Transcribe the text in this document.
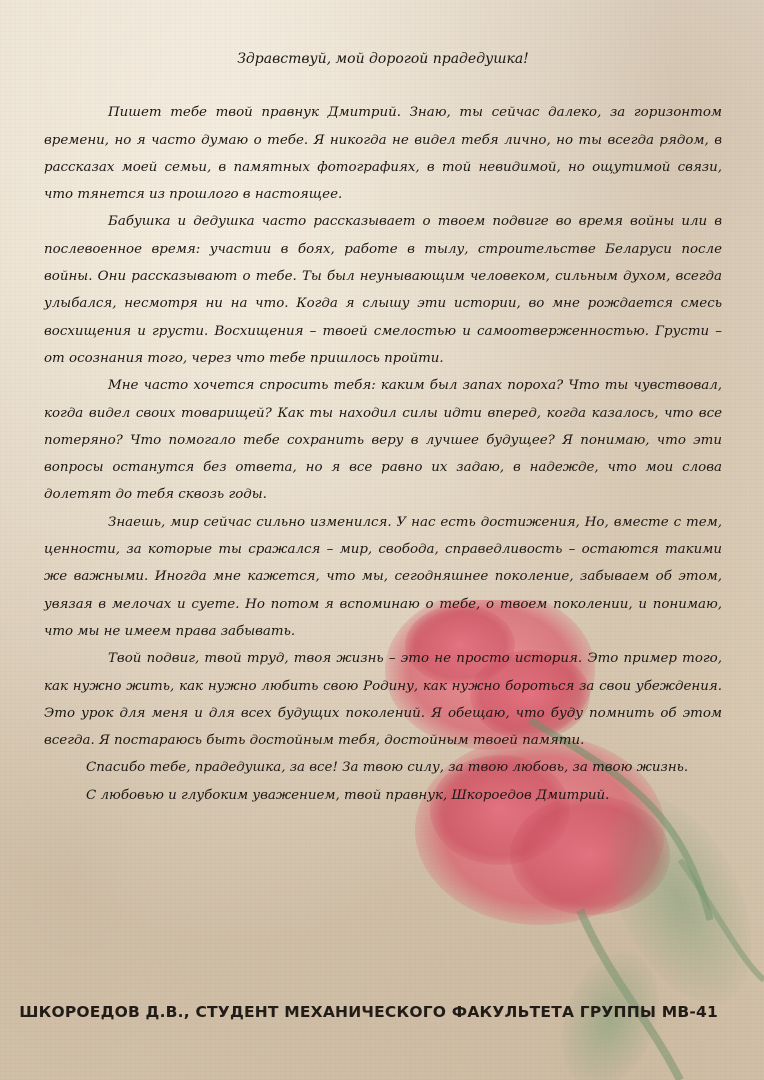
Здравствуй, мой дорогой прадедушка!

Пишет тебе твой правнук Дмитрий. Знаю, ты сейчас далеко, за горизонтом времени, но я часто думаю о тебе. Я никогда не видел тебя лично, но ты всегда рядом, в рассказах моей семьи, в памятных фотографиях, в той невидимой, но ощутимой связи, что тянется из прошлого в настоящее.

Бабушка и дедушка часто рассказывает о твоем подвиге во время войны или в послевоенное время: участии в боях, работе в тылу, строительстве Беларуси после войны. Они рассказывают о тебе. Ты был неунывающим человеком, сильным духом, всегда улыбался, несмотря ни на что. Когда я слышу эти истории, во мне рождается смесь восхищения и грусти. Восхищения – твоей смелостью и самоотверженностью. Грусти – от осознания того, через что тебе пришлось пройти.

Мне часто хочется спросить тебя: каким был запах пороха? Что ты чувствовал, когда видел своих товарищей? Как ты находил силы идти вперед, когда казалось, что все потеряно? Что помогало тебе сохранить веру в лучшее будущее? Я понимаю, что эти вопросы останутся без ответа, но я все равно их задаю, в надежде, что мои слова долетят до тебя сквозь годы.

Знаешь, мир сейчас сильно изменился. У нас есть достижения, Но, вместе с тем, ценности, за которые ты сражался – мир, свобода, справедливость – остаются такими же важными. Иногда мне кажется, что мы, сегодняшнее поколение, забываем об этом, увязая в мелочах и суете. Но потом я вспоминаю о тебе, о твоем поколении, и понимаю, что мы не имеем права забывать.

Твой подвиг, твой труд, твоя жизнь – это не просто история. Это пример того, как нужно жить, как нужно любить свою Родину, как нужно бороться за свои убеждения. Это урок для меня и для всех будущих поколений. Я обещаю, что буду помнить об этом всегда. Я постараюсь быть достойным тебя, достойным твоей памяти.

Спасибо тебе, прадедушка, за все! За твою силу, за твою любовь, за твою жизнь.

С любовью и глубоким уважением, твой правнук, Шкороедов Дмитрий.

ШКОРОЕДОВ Д.В., СТУДЕНТ МЕХАНИЧЕСКОГО ФАКУЛЬТЕТА ГРУППЫ МВ-41
